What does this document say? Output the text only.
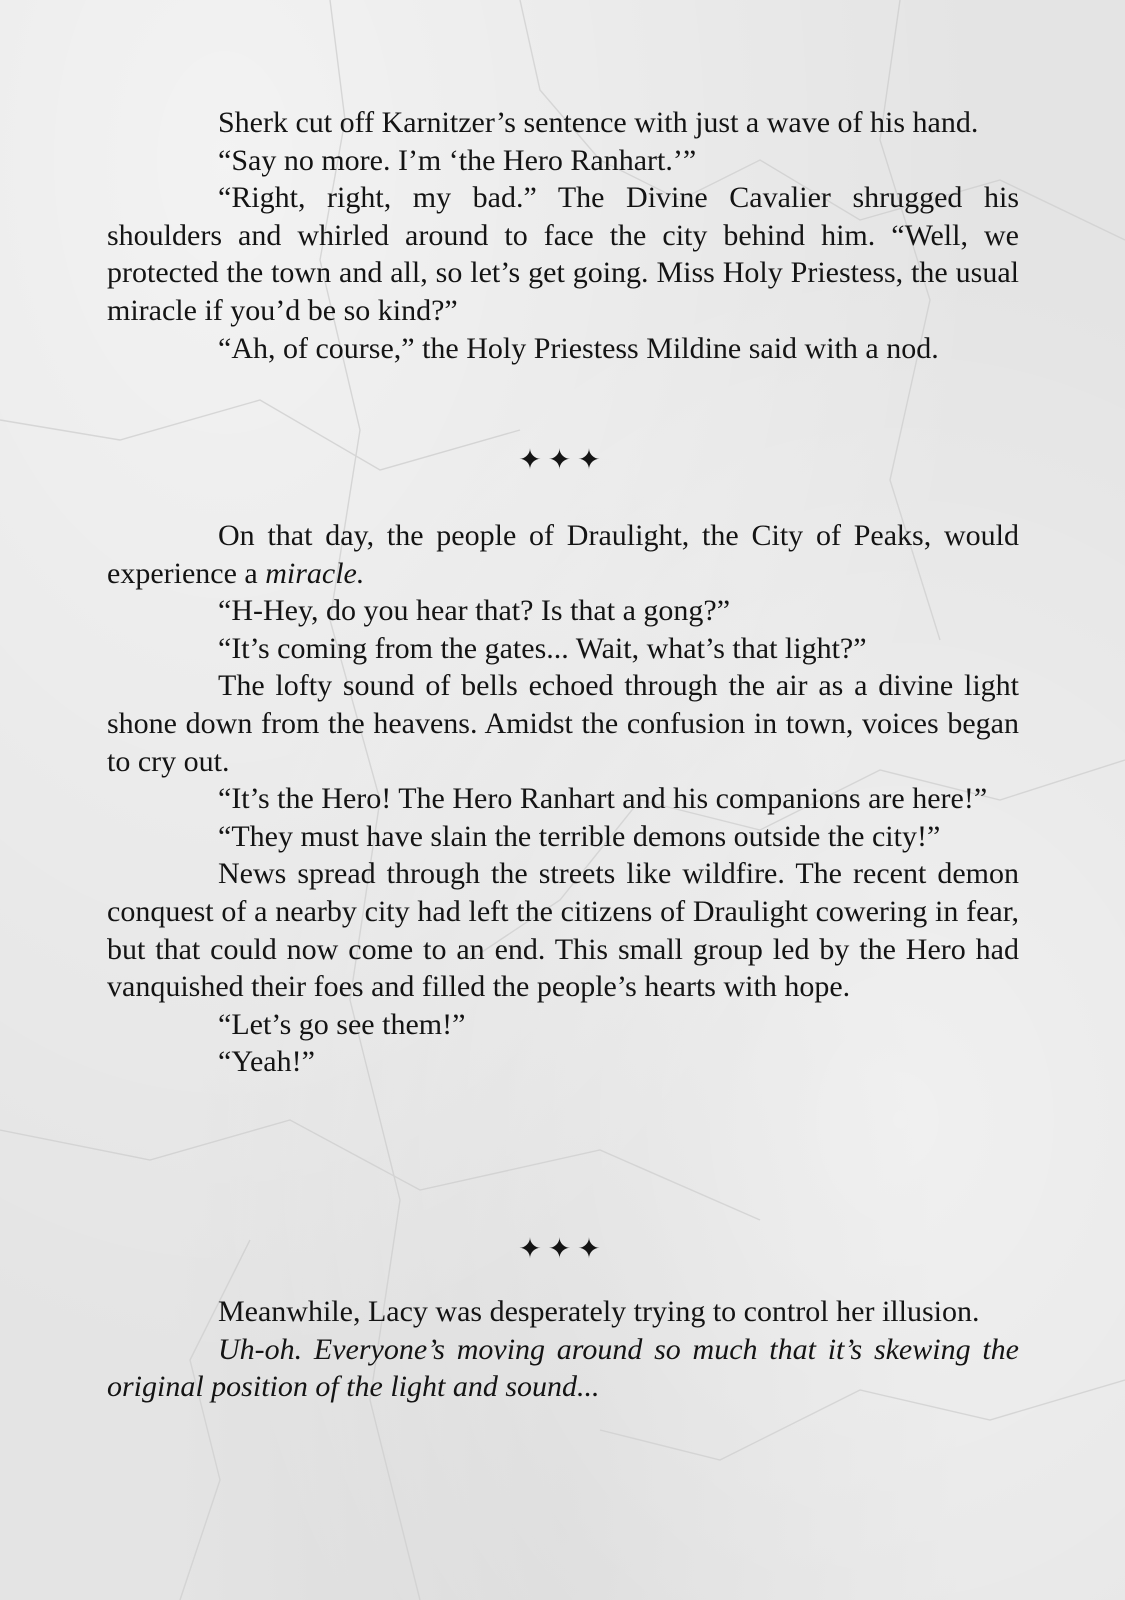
Sherk cut off Karnitzer’s sentence with just a wave of his hand.

“Say no more. I’m ‘the Hero Ranhart.’”

“Right, right, my bad.” The Divine Cavalier shrugged his shoulders and whirled around to face the city behind him. “Well, we protected the town and all, so let’s get going. Miss Holy Priestess, the usual miracle if you’d be so kind?”

“Ah, of course,” the Holy Priestess Mildine said with a nod.

✦✦✦

On that day, the people of Draulight, the City of Peaks, would experience a miracle.

“H-Hey, do you hear that? Is that a gong?”

“It’s coming from the gates... Wait, what’s that light?”

The lofty sound of bells echoed through the air as a divine light shone down from the heavens. Amidst the confusion in town, voices began to cry out.

“It’s the Hero! The Hero Ranhart and his companions are here!”

“They must have slain the terrible demons outside the city!”

News spread through the streets like wildfire. The recent demon conquest of a nearby city had left the citizens of Draulight cowering in fear, but that could now come to an end. This small group led by the Hero had vanquished their foes and filled the people’s hearts with hope.

“Let’s go see them!”

“Yeah!”

✦✦✦

Meanwhile, Lacy was desperately trying to control her illusion.

Uh-oh. Everyone’s moving around so much that it’s skewing the original position of the light and sound...
